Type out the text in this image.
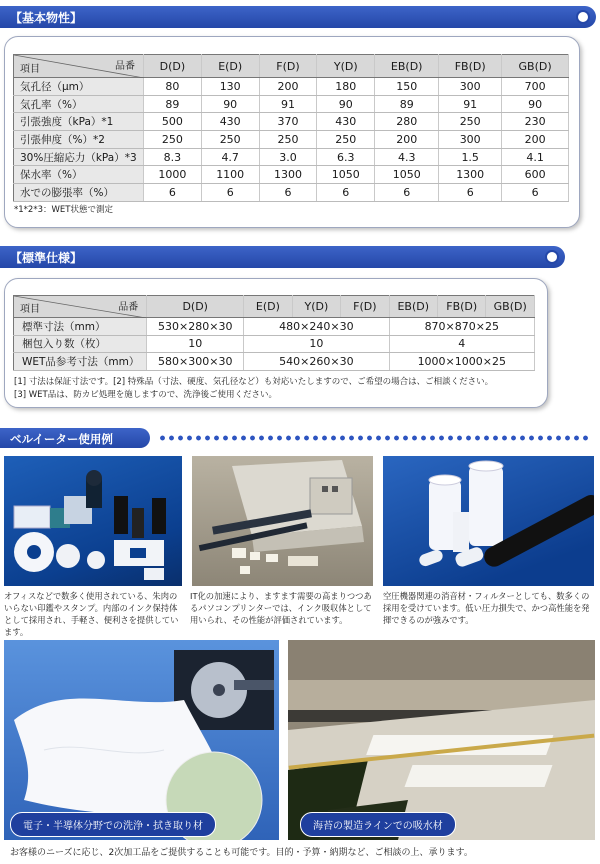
【基本物性】
項目 品番	D(D)	E(D)	F(D)	Y(D)	EB(D)	FB(D)	GB(D)
気孔径（μm）	80	130	200	180	150	300	700
気孔率（%）	89	90	91	90	89	91	90
引張強度（kPa）*1	500	430	370	430	280	250	230
引張伸度（%）*2	250	250	250	250	200	300	200
30%圧縮応力（kPa）*3	8.3	4.7	3.0	6.3	4.3	1.5	4.1
保水率（%）	1000	1100	1300	1050	1050	1300	600
水での膨張率（%）	6	6	6	6	6	6	6
*1*2*3：WET状態で測定
【標準仕様】
項目 品番	D(D)	E(D)	Y(D)	F(D)	EB(D)	FB(D)	GB(D)
標準寸法（mm）	530×280×30	480×240×30			870×870×25		
梱包入り数（枚）	10	10			4		
WET品参考寸法（mm）	580×300×30	540×260×30			1000×1000×25		
[1] 寸法は保証寸法です。[2] 特殊品（寸法、硬度、気孔径など）も対応いたしますので、ご希望の場合は、ご相談ください。
[3] WET品は、防カビ処理を施しますので、洗浄後ご使用ください。
ベルイーター使用例
オフィスなどで数多く使用されている、朱肉のいらない印鑑やスタンプ。内部のインク保持体として採用され、手軽さ、便利さを提供しています。
IT化の加速により、ますます需要の高まりつつあるパソコンプリンターでは、インク吸収体として用いられ、その性能が評価されています。
空圧機器関連の消音材・フィルターとしても、数多くの採用を受けています。低い圧力損失で、かつ高性能を発揮できるのが強みです。
電子・半導体分野での洗浄・拭き取り材	海苔の製造ラインでの吸水材
お客様のニーズに応じ、2次加工品をご提供することも可能です。目的・予算・納期など、ご相談の上、承ります。
